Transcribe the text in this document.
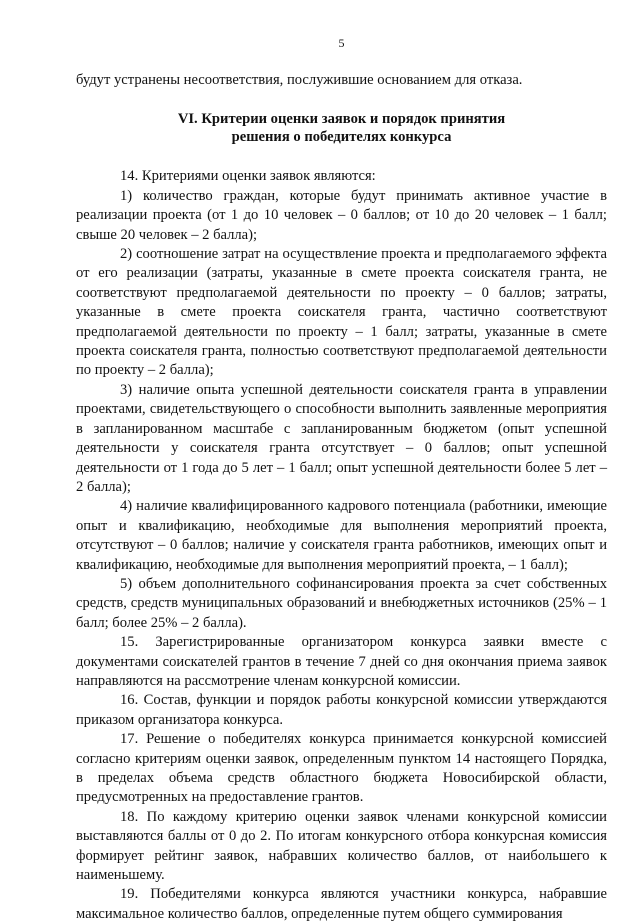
5

будут устранены несоответствия, послужившие основанием для отказа.

VI. Критерии оценки заявок и порядок принятия
решения о победителях конкурса

14. Критериями оценки заявок являются:

1) количество граждан, которые будут принимать активное участие в реализации проекта (от 1 до 10 человек – 0 баллов; от 10 до 20 человек – 1 балл; свыше 20 человек – 2 балла);

2) соотношение затрат на осуществление проекта и предполагаемого эффекта от его реализации (затраты, указанные в смете проекта соискателя гранта, не соответствуют предполагаемой деятельности по проекту – 0 баллов; затраты, указанные в смете проекта соискателя гранта, частично соответствуют предполагаемой деятельности по проекту – 1 балл; затраты, указанные в смете проекта соискателя гранта, полностью соответствуют предполагаемой деятельности по проекту – 2 балла);

3) наличие опыта успешной деятельности соискателя гранта в управлении проектами, свидетельствующего о способности выполнить заявленные мероприятия в запланированном масштабе с запланированным бюджетом (опыт успешной деятельности у соискателя гранта отсутствует – 0 баллов; опыт успешной деятельности от 1 года до 5 лет – 1 балл; опыт успешной деятельности более 5 лет – 2 балла);

4) наличие квалифицированного кадрового потенциала (работники, имеющие опыт и квалификацию, необходимые для выполнения мероприятий проекта, отсутствуют – 0 баллов; наличие у соискателя гранта работников, имеющих опыт и квалификацию, необходимые для выполнения мероприятий проекта, – 1 балл);

5) объем дополнительного софинансирования проекта за счет собственных средств, средств муниципальных образований и внебюджетных источников (25% – 1 балл; более 25% – 2 балла).

15. Зарегистрированные организатором конкурса заявки вместе с документами соискателей грантов в течение 7 дней со дня окончания приема заявок направляются на рассмотрение членам конкурсной комиссии.

16. Состав, функции и порядок работы конкурсной комиссии утверждаются приказом организатора конкурса.

17. Решение о победителях конкурса принимается конкурсной комиссией согласно критериям оценки заявок, определенным пунктом 14 настоящего Порядка, в пределах объема средств областного бюджета Новосибирской области, предусмотренных на предоставление грантов.

18. По каждому критерию оценки заявок членами конкурсной комиссии выставляются баллы от 0 до 2. По итогам конкурсного отбора конкурсная комиссия формирует рейтинг заявок, набравших количество баллов, от наибольшего к наименьшему.

19. Победителями конкурса являются участники конкурса, набравшие максимальное количество баллов, определенные путем общего суммирования
